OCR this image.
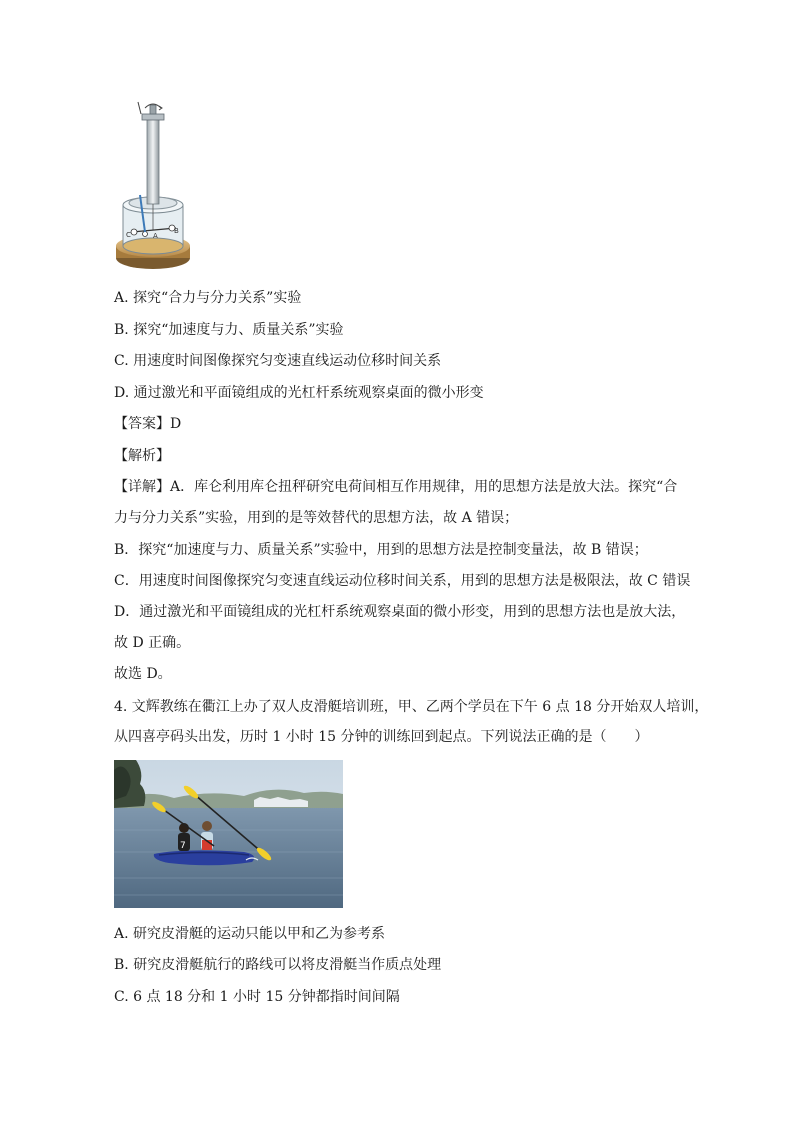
C	B
A
A. 探究“合力与分力关系”实验
B. 探究“加速度与力、质量关系”实验
C. 用速度时间图像探究匀变速直线运动位移时间关系
D. 通过激光和平面镜组成的光杠杆系统观察桌面的微小形变
【答案】D
【解析】
【详解】A．库仑利用库仑扭秤研究电荷间相互作用规律，用的思想方法是放大法。探究“合
力与分力关系”实验，用到的是等效替代的思想方法，故 A 错误；
B．探究“加速度与力、质量关系”实验中，用到的思想方法是控制变量法，故 B 错误；
C．用速度时间图像探究匀变速直线运动位移时间关系，用到的思想方法是极限法，故 C 错误
D．通过激光和平面镜组成的光杠杆系统观察桌面的微小形变，用到的思想方法也是放大法，
故 D 正确。
故选 D。
4. 文辉教练在衢江上办了双人皮滑艇培训班，甲、乙两个学员在下午 6 点 18 分开始双人培训，
从四喜亭码头出发，历时 1 小时 15 分钟的训练回到起点。下列说法正确的是（　　）
7
A. 研究皮滑艇的运动只能以甲和乙为参考系
B. 研究皮滑艇航行的路线可以将皮滑艇当作质点处理
C. 6 点 18 分和 1 小时 15 分钟都指时间间隔
